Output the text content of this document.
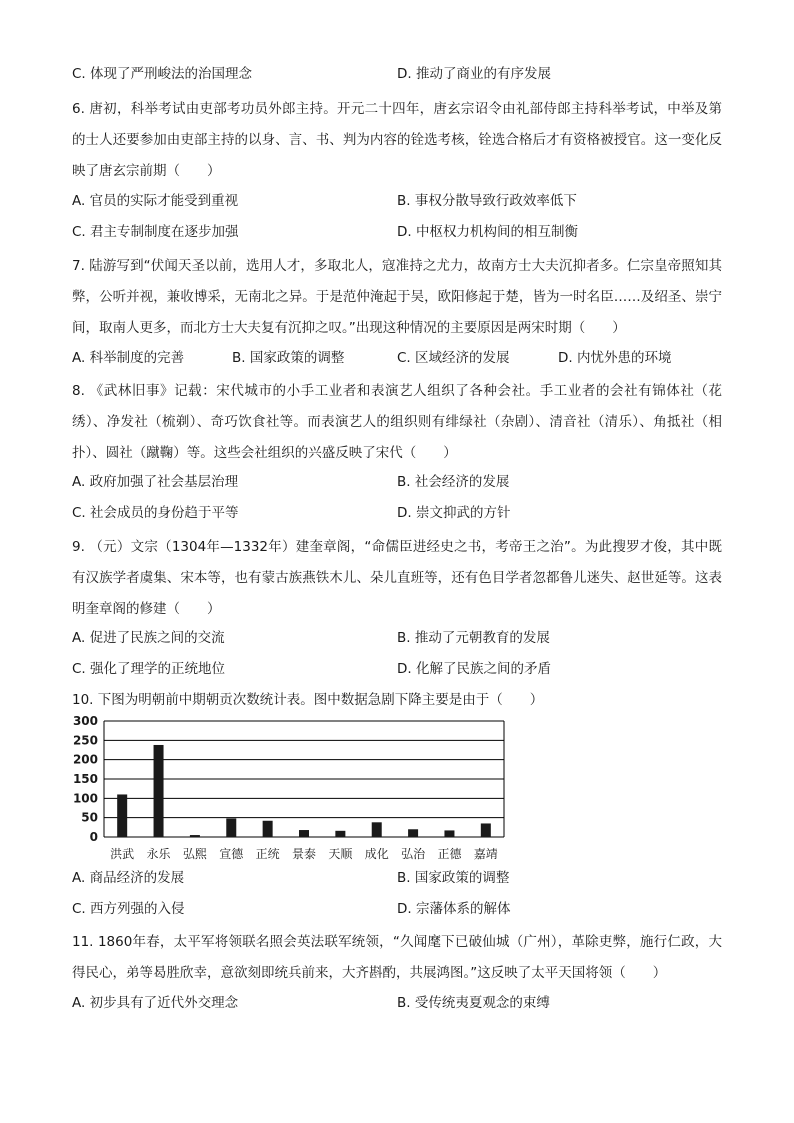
C. 体现了严刑峻法的治国理念	D. 推动了商业的有序发展
6. 唐初，科举考试由吏部考功员外郎主持。开元二十四年，唐玄宗诏令由礼部侍郎主持科举考试，中举及第的士人还要参加由吏部主持的以身、言、书、判为内容的铨选考核，铨选合格后才有资格被授官。这一变化反映了唐玄宗前期（　　）
A. 官员的实际才能受到重视	B. 事权分散导致行政效率低下
C. 君主专制制度在逐步加强	D. 中枢权力机构间的相互制衡
7. 陆游写到“伏闻天圣以前，选用人才，多取北人，寇准持之尤力，故南方士大夫沉抑者多。仁宗皇帝照知其弊，公听并视，兼收博采，无南北之异。于是范仲淹起于吴，欧阳修起于楚，皆为一时名臣……及绍圣、崇宁间，取南人更多，而北方士大夫复有沉抑之叹。”出现这种情况的主要原因是两宋时期（　　）
A. 科举制度的完善	B. 国家政策的调整	C. 区域经济的发展	D. 内忧外患的环境
8. 《武林旧事》记载：宋代城市的小手工业者和表演艺人组织了各种会社。手工业者的会社有锦体社（花绣）、净发社（梳剃）、奇巧饮食社等。而表演艺人的组织则有绯绿社（杂剧）、清音社（清乐）、角抵社（相扑）、圆社（蹴鞠）等。这些会社组织的兴盛反映了宋代（　　）
A. 政府加强了社会基层治理	B. 社会经济的发展
C. 社会成员的身份趋于平等	D. 崇文抑武的方针
9. （元）文宗（1304年—1332年）建奎章阁，“命儒臣进经史之书，考帝王之治”。为此搜罗才俊，其中既有汉族学者虞集、宋本等，也有蒙古族燕铁木儿、朵儿直班等，还有色目学者忽都鲁儿迷失、赵世延等。这表明奎章阁的修建（　　）
A. 促进了民族之间的交流	B. 推动了元朝教育的发展
C. 强化了理学的正统地位	D. 化解了民族之间的矛盾
10. 下图为明朝前中期朝贡次数统计表。图中数据急剧下降主要是由于（　　）
0
50
100
150
200
250
300
洪武 永乐 弘熙 宣德 正统 景泰 天顺 成化 弘治 正德 嘉靖
A. 商品经济的发展	B. 国家政策的调整
C. 西方列强的入侵	D. 宗藩体系的解体
11. 1860年春，太平军将领联名照会英法联军统领，“久闻麾下已破仙城（广州），革除吏弊，施行仁政，大得民心，弟等曷胜欣幸，意欲刻即统兵前来，大齐斟酌，共展鸿图。”这反映了太平天国将领（　　）
A. 初步具有了近代外交理念	B. 受传统夷夏观念的束缚
